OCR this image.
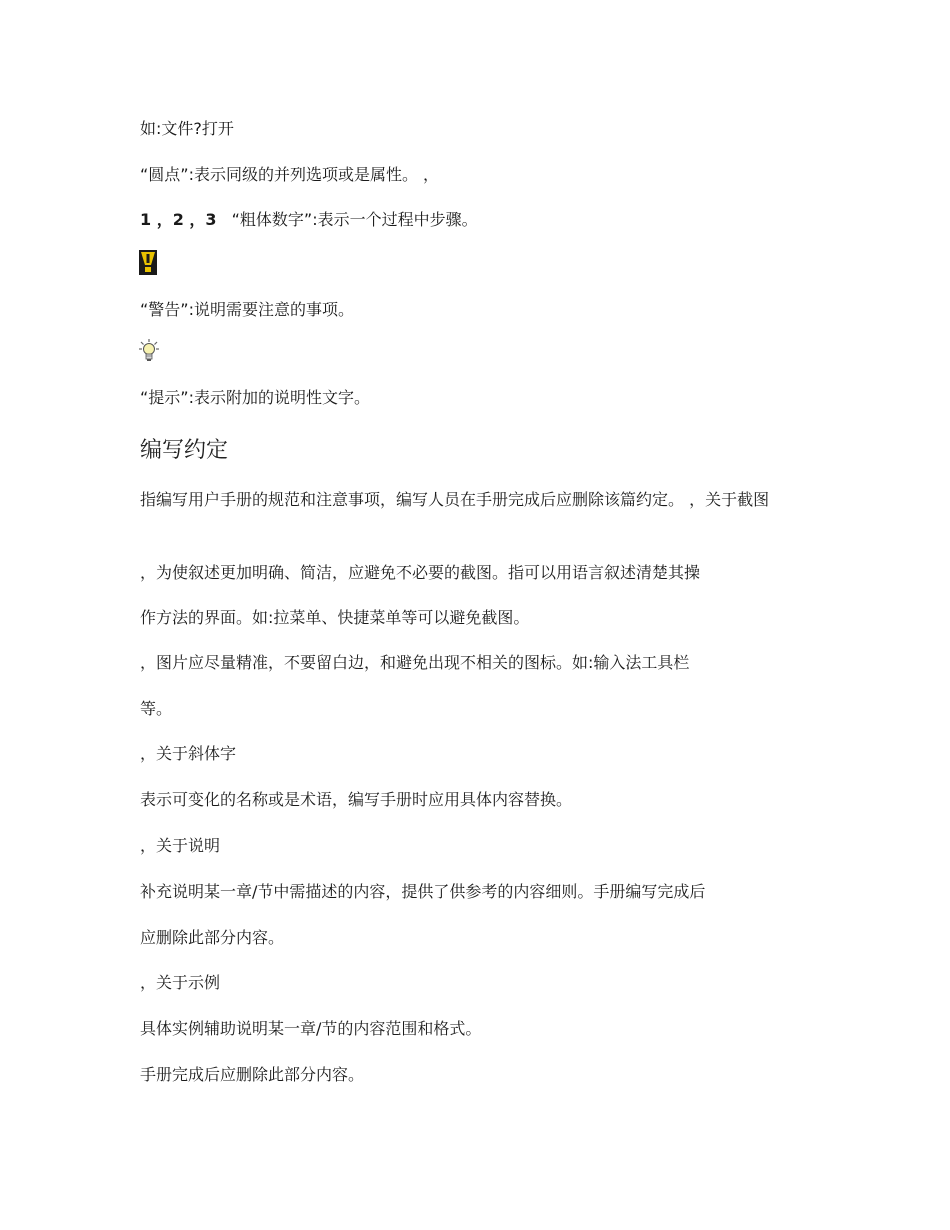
如:文件?打开
“圆点”:表示同级的并列选项或是属性。 ，
1 ，2 ，3 “粗体数字”:表示一个过程中步骤。
“警告”:说明需要注意的事项。
“提示”:表示附加的说明性文字。
编写约定
指编写用户手册的规范和注意事项，编写人员在手册完成后应删除该篇约定。 ，关于截图
，为使叙述更加明确、简洁，应避免不必要的截图。指可以用语言叙述清楚其操
作方法的界面。如:拉菜单、快捷菜单等可以避免截图。
，图片应尽量精准，不要留白边，和避免出现不相关的图标。如:输入法工具栏
等。
，关于斜体字
表示可变化的名称或是术语，编写手册时应用具体内容替换。
，关于说明
补充说明某一章/节中需描述的内容，提供了供参考的内容细则。手册编写完成后
应删除此部分内容。
，关于示例
具体实例辅助说明某一章/节的内容范围和格式。
手册完成后应删除此部分内容。
